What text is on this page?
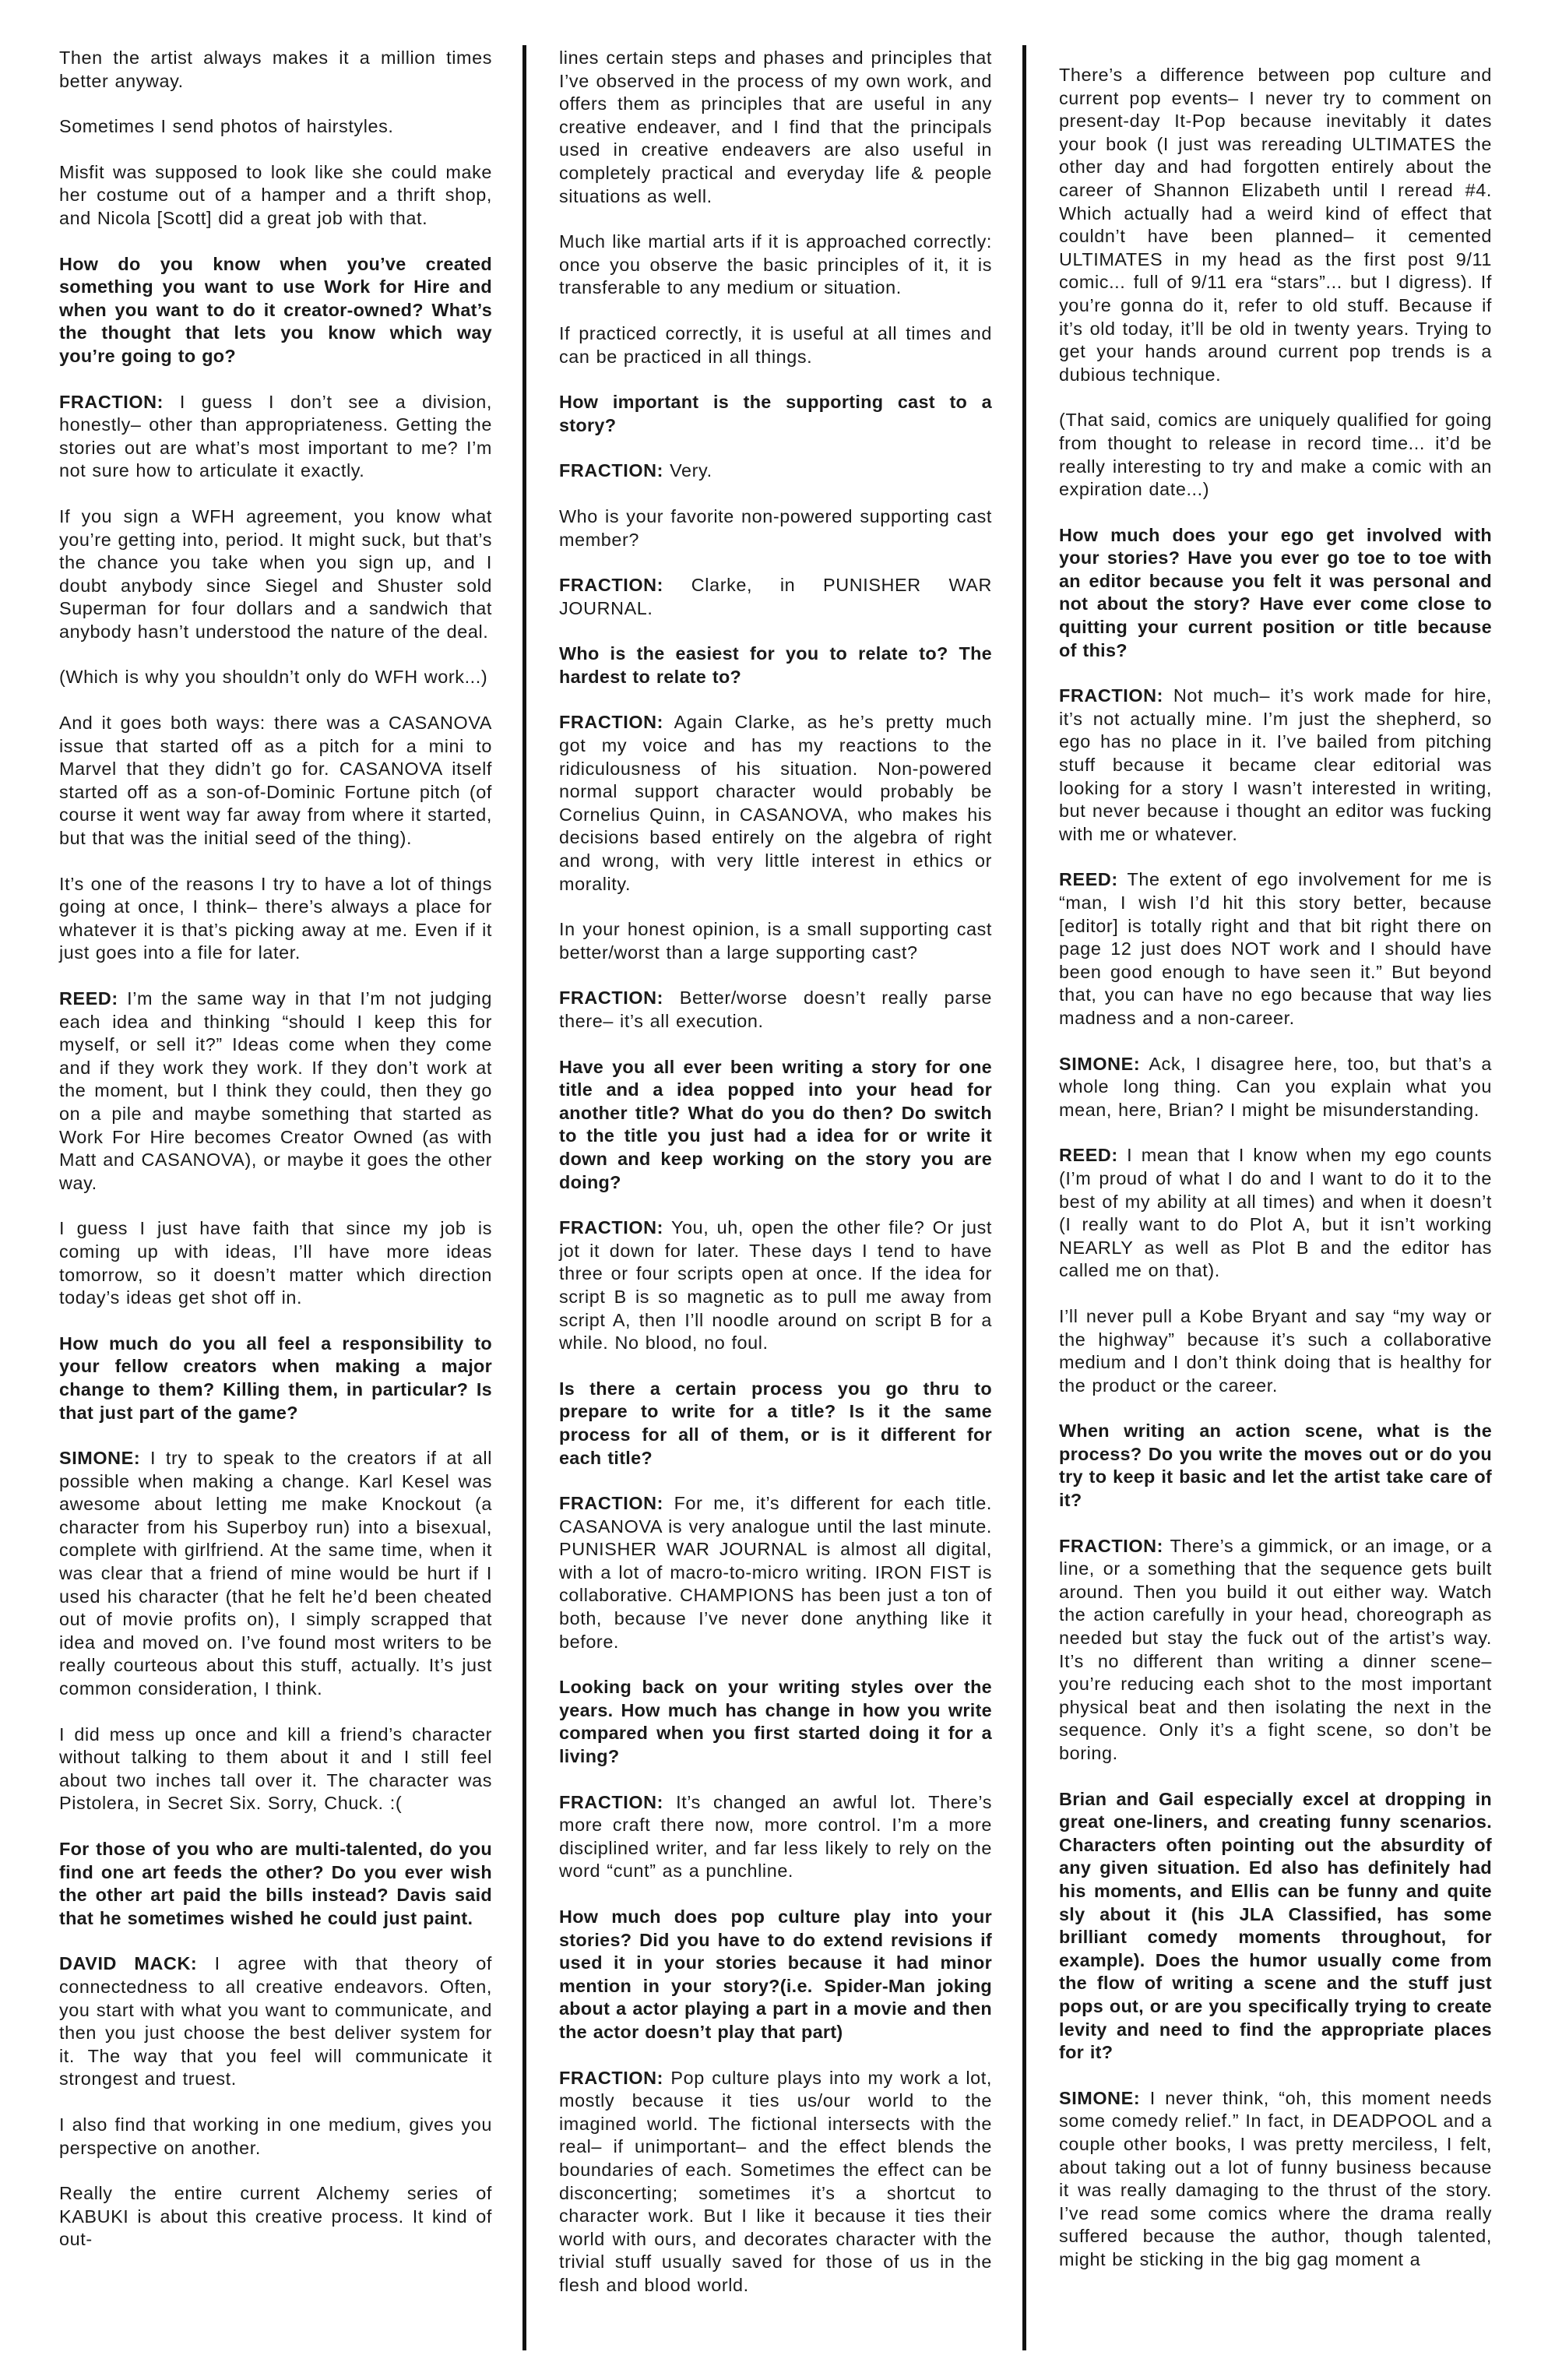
Then the artist always makes it a million times better anyway.

Sometimes I send photos of hairstyles.

Misfit was supposed to look like she could make her costume out of a hamper and a thrift shop, and Nicola [Scott] did a great job with that.

How do you know when you’ve created something you want to use Work for Hire and when you want to do it creator-owned? What’s the thought that lets you know which way you’re going to go?

FRACTION: I guess I don’t see a division, honestly– other than appropriateness. Getting the stories out are what’s most important to me? I’m not sure how to articulate it exactly.

If you sign a WFH agreement, you know what you’re getting into, period. It might suck, but that’s the chance you take when you sign up, and I doubt anybody since Siegel and Shuster sold Superman for four dollars and a sandwich that anybody hasn’t understood the nature of the deal.

(Which is why you shouldn’t only do WFH work...)

And it goes both ways: there was a CASANOVA issue that started off as a pitch for a mini to Marvel that they didn’t go for. CASANOVA itself started off as a son-of-Dominic Fortune pitch (of course it went way far away from where it started, but that was the initial seed of the thing).

It’s one of the reasons I try to have a lot of things going at once, I think– there’s always a place for whatever it is that’s picking away at me. Even if it just goes into a file for later.

REED: I’m the same way in that I’m not judging each idea and thinking “should I keep this for myself, or sell it?” Ideas come when they come and if they work they work. If they don’t work at the moment, but I think they could, then they go on a pile and maybe something that started as Work For Hire becomes Creator Owned (as with Matt and CASANOVA), or maybe it goes the other way.

I guess I just have faith that since my job is coming up with ideas, I’ll have more ideas tomorrow, so it doesn’t matter which direction today’s ideas get shot off in.

How much do you all feel a responsibility to your fellow creators when making a major change to them? Killing them, in particular? Is that just part of the game?

SIMONE: I try to speak to the creators if at all possible when making a change. Karl Kesel was awesome about letting me make Knockout (a character from his Superboy run) into a bisexual, complete with girlfriend. At the same time, when it was clear that a friend of mine would be hurt if I used his character (that he felt he’d been cheated out of movie profits on), I simply scrapped that idea and moved on. I’ve found most writers to be really courteous about this stuff, actually. It’s just common consideration, I think.

I did mess up once and kill a friend’s character without talking to them about it and I still feel about two inches tall over it. The character was Pistolera, in Secret Six. Sorry, Chuck. :(

For those of you who are multi-talented, do you find one art feeds the other? Do you ever wish the other art paid the bills instead? Davis said that he sometimes wished he could just paint.

DAVID MACK: I agree with that theory of connectedness to all creative endeavors. Often, you start with what you want to communicate, and then you just choose the best deliver system for it. The way that you feel will communicate it strongest and truest.

I also find that working in one medium, gives you perspective on another.

Really the entire current Alchemy series of KABUKI is about this creative process. It kind of out-

lines certain steps and phases and principles that I’ve observed in the process of my own work, and offers them as principles that are useful in any creative endeaver, and I find that the principals used in creative endeavers are also useful in completely practical and everyday life & people situations as well.

Much like martial arts if it is approached correctly: once you observe the basic principles of it, it is transferable to any medium or situation.

If practiced correctly, it is useful at all times and can be practiced in all things.

How important is the supporting cast to a story?

FRACTION: Very.

Who is your favorite non-powered supporting cast member?

FRACTION: Clarke, in PUNISHER WAR JOURNAL.

Who is the easiest for you to relate to? The hardest to relate to?

FRACTION: Again Clarke, as he’s pretty much got my voice and has my reactions to the ridiculousness of his situation. Non-powered normal support character would probably be Cornelius Quinn, in CASANOVA, who makes his decisions based entirely on the algebra of right and wrong, with very little interest in ethics or morality.

In your honest opinion, is a small supporting cast better/worst than a large supporting cast?

FRACTION: Better/worse doesn’t really parse there– it’s all execution.

Have you all ever been writing a story for one title and a idea popped into your head for another title? What do you do then? Do switch to the title you just had a idea for or write it down and keep working on the story you are doing?

FRACTION: You, uh, open the other file? Or just jot it down for later. These days I tend to have three or four scripts open at once. If the idea for script B is so magnetic as to pull me away from script A, then I’ll noodle around on script B for a while. No blood, no foul.

Is there a certain process you go thru to prepare to write for a title? Is it the same process for all of them, or is it different for each title?

FRACTION: For me, it’s different for each title. CASANOVA is very analogue until the last minute. PUNISHER WAR JOURNAL is almost all digital, with a lot of macro-to-micro writing. IRON FIST is collaborative. CHAMPIONS has been just a ton of both, because I’ve never done anything like it before.

Looking back on your writing styles over the years. How much has change in how you write compared when you first started doing it for a living?

FRACTION: It’s changed an awful lot. There’s more craft there now, more control. I’m a more disciplined writer, and far less likely to rely on the word “cunt” as a punchline.

How much does pop culture play into your stories? Did you have to do extend revisions if used it in your stories because it had minor mention in your story?(i.e. Spider-Man joking about a actor playing a part in a movie and then the actor doesn’t play that part)

FRACTION: Pop culture plays into my work a lot, mostly because it ties us/our world to the imagined world. The fictional intersects with the real– if unimportant– and the effect blends the boundaries of each. Sometimes the effect can be disconcerting; sometimes it’s a shortcut to character work. But I like it because it ties their world with ours, and decorates character with the trivial stuff usually saved for those of us in the flesh and blood world.

There’s a difference between pop culture and current pop events– I never try to comment on present-day It-Pop because inevitably it dates your book (I just was rereading ULTIMATES the other day and had forgotten entirely about the career of Shannon Elizabeth until I reread #4. Which actually had a weird kind of effect that couldn’t have been planned– it cemented ULTIMATES in my head as the first post 9/11 comic... full of 9/11 era “stars”... but I digress). If you’re gonna do it, refer to old stuff. Because if it’s old today, it’ll be old in twenty years. Trying to get your hands around current pop trends is a dubious technique.

(That said, comics are uniquely qualified for going from thought to release in record time... it’d be really interesting to try and make a comic with an expiration date...)

How much does your ego get involved with your stories? Have you ever go toe to toe with an editor because you felt it was personal and not about the story? Have ever come close to quitting your current position or title because of this?

FRACTION: Not much– it’s work made for hire, it’s not actually mine. I’m just the shepherd, so ego has no place in it. I’ve bailed from pitching stuff because it became clear editorial was looking for a story I wasn’t interested in writing, but never because i thought an editor was fucking with me or whatever.

REED: The extent of ego involvement for me is “man, I wish I’d hit this story better, because [editor] is totally right and that bit right there on page 12 just does NOT work and I should have been good enough to have seen it.” But beyond that, you can have no ego because that way lies madness and a non-career.

SIMONE: Ack, I disagree here, too, but that’s a whole long thing. Can you explain what you mean, here, Brian? I might be misunderstanding.

REED: I mean that I know when my ego counts (I’m proud of what I do and I want to do it to the best of my ability at all times) and when it doesn’t (I really want to do Plot A, but it isn’t working NEARLY as well as Plot B and the editor has called me on that).

I’ll never pull a Kobe Bryant and say “my way or the highway” because it’s such a collaborative medium and I don’t think doing that is healthy for the product or the career.

When writing an action scene, what is the process? Do you write the moves out or do you try to keep it basic and let the artist take care of it?

FRACTION: There’s a gimmick, or an image, or a line, or a something that the sequence gets built around. Then you build it out either way. Watch the action carefully in your head, choreograph as needed but stay the fuck out of the artist’s way. It’s no different than writing a dinner scene– you’re reducing each shot to the most important physical beat and then isolating the next in the sequence. Only it’s a fight scene, so don’t be boring.

Brian and Gail especially excel at dropping in great one-liners, and creating funny scenarios. Characters often pointing out the absurdity of any given situation. Ed also has definitely had his moments, and Ellis can be funny and quite sly about it (his JLA Classified, has some brilliant comedy moments throughout, for example). Does the humor usually come from the flow of writing a scene and the stuff just pops out, or are you specifically trying to create levity and need to find the appropriate places for it?

SIMONE: I never think, “oh, this moment needs some comedy relief.” In fact, in DEADPOOL and a couple other books, I was pretty merciless, I felt, about taking out a lot of funny business because it was really damaging to the thrust of the story. I’ve read some comics where the drama really suffered because the author, though talented, might be sticking in the big gag moment a
